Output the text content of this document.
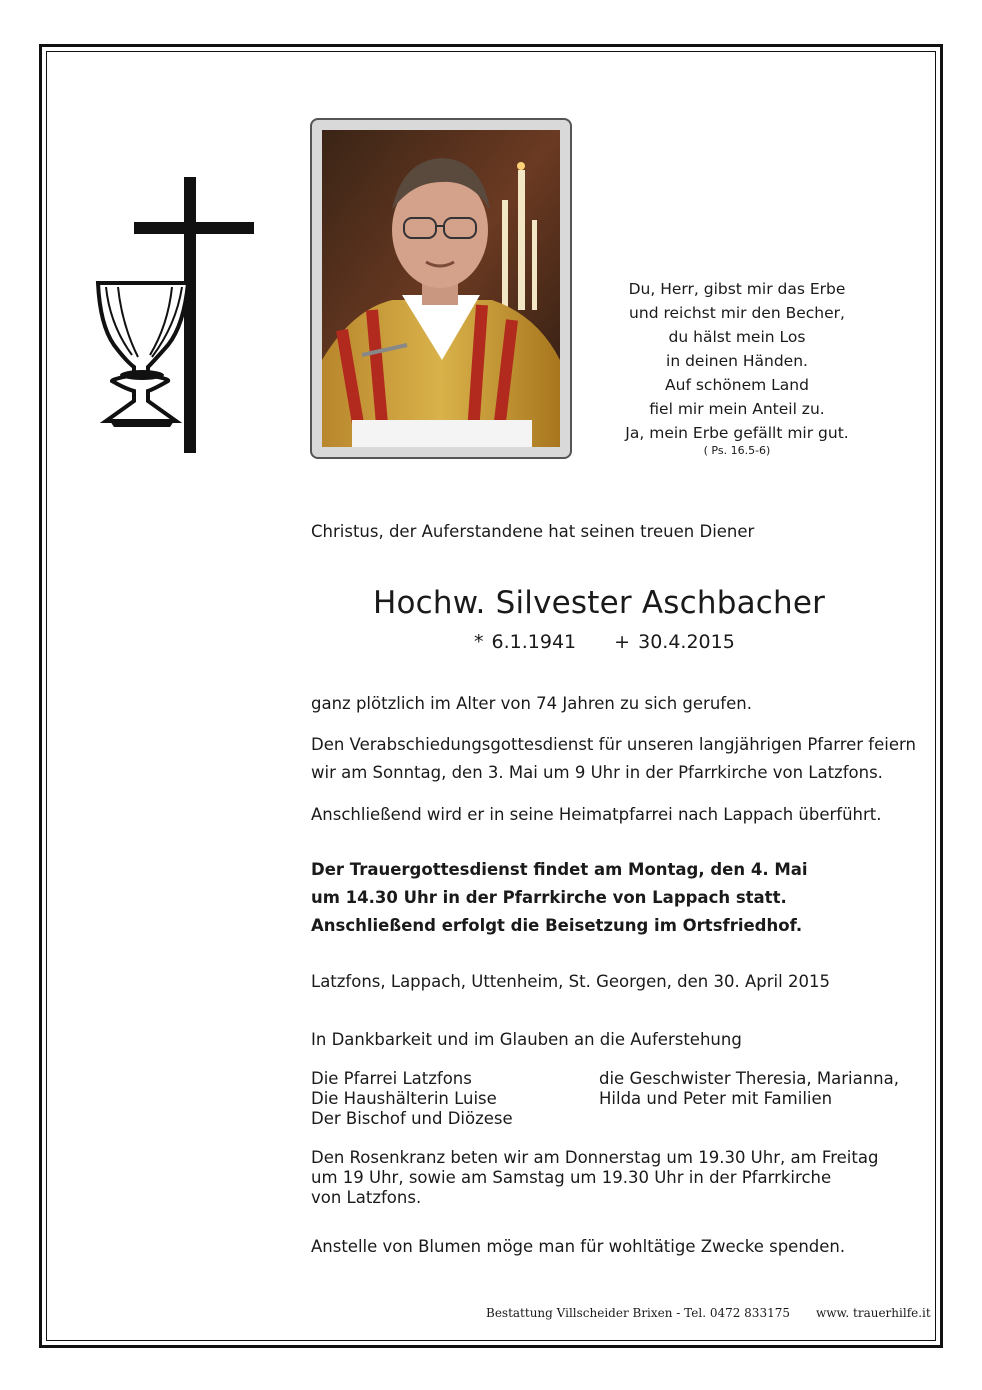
Du, Herr, gibst mir das Erbe
und reichst mir den Becher,
du hälst mein Los
in deinen Händen.
Auf schönem Land
fiel mir mein Anteil zu.
Ja, mein Erbe gefällt mir gut.
( Ps. 16.5-6)
Christus, der Auferstandene hat seinen treuen Diener
Hochw. Silvester Aschbacher
* 6.1.1941 + 30.4.2015
ganz plötzlich im Alter von 74 Jahren zu sich gerufen.
Den Verabschiedungsgottesdienst für unseren langjährigen Pfarrer feiern
wir am Sonntag, den 3. Mai um 9 Uhr in der Pfarrkirche von Latzfons.
Anschließend wird er in seine Heimatpfarrei nach Lappach überführt.
Der Trauergottesdienst findet am Montag, den 4. Mai
um 14.30 Uhr in der Pfarrkirche von Lappach statt.
Anschließend erfolgt die Beisetzung im Ortsfriedhof.
Latzfons, Lappach, Uttenheim, St. Georgen, den 30. April 2015
In Dankbarkeit und im Glauben an die Auferstehung
Die Pfarrei Latzfons
Die Haushälterin Luise
Der Bischof und Diözese
die Geschwister Theresia, Marianna,
Hilda und Peter mit Familien
Den Rosenkranz beten wir am Donnerstag um 19.30 Uhr, am Freitag
um 19 Uhr, sowie am Samstag um 19.30 Uhr in der Pfarrkirche
von Latzfons.
Anstelle von Blumen möge man für wohltätige Zwecke spenden.
Bestattung Villscheider Brixen - Tel. 0472 833175 www. trauerhilfe.it
